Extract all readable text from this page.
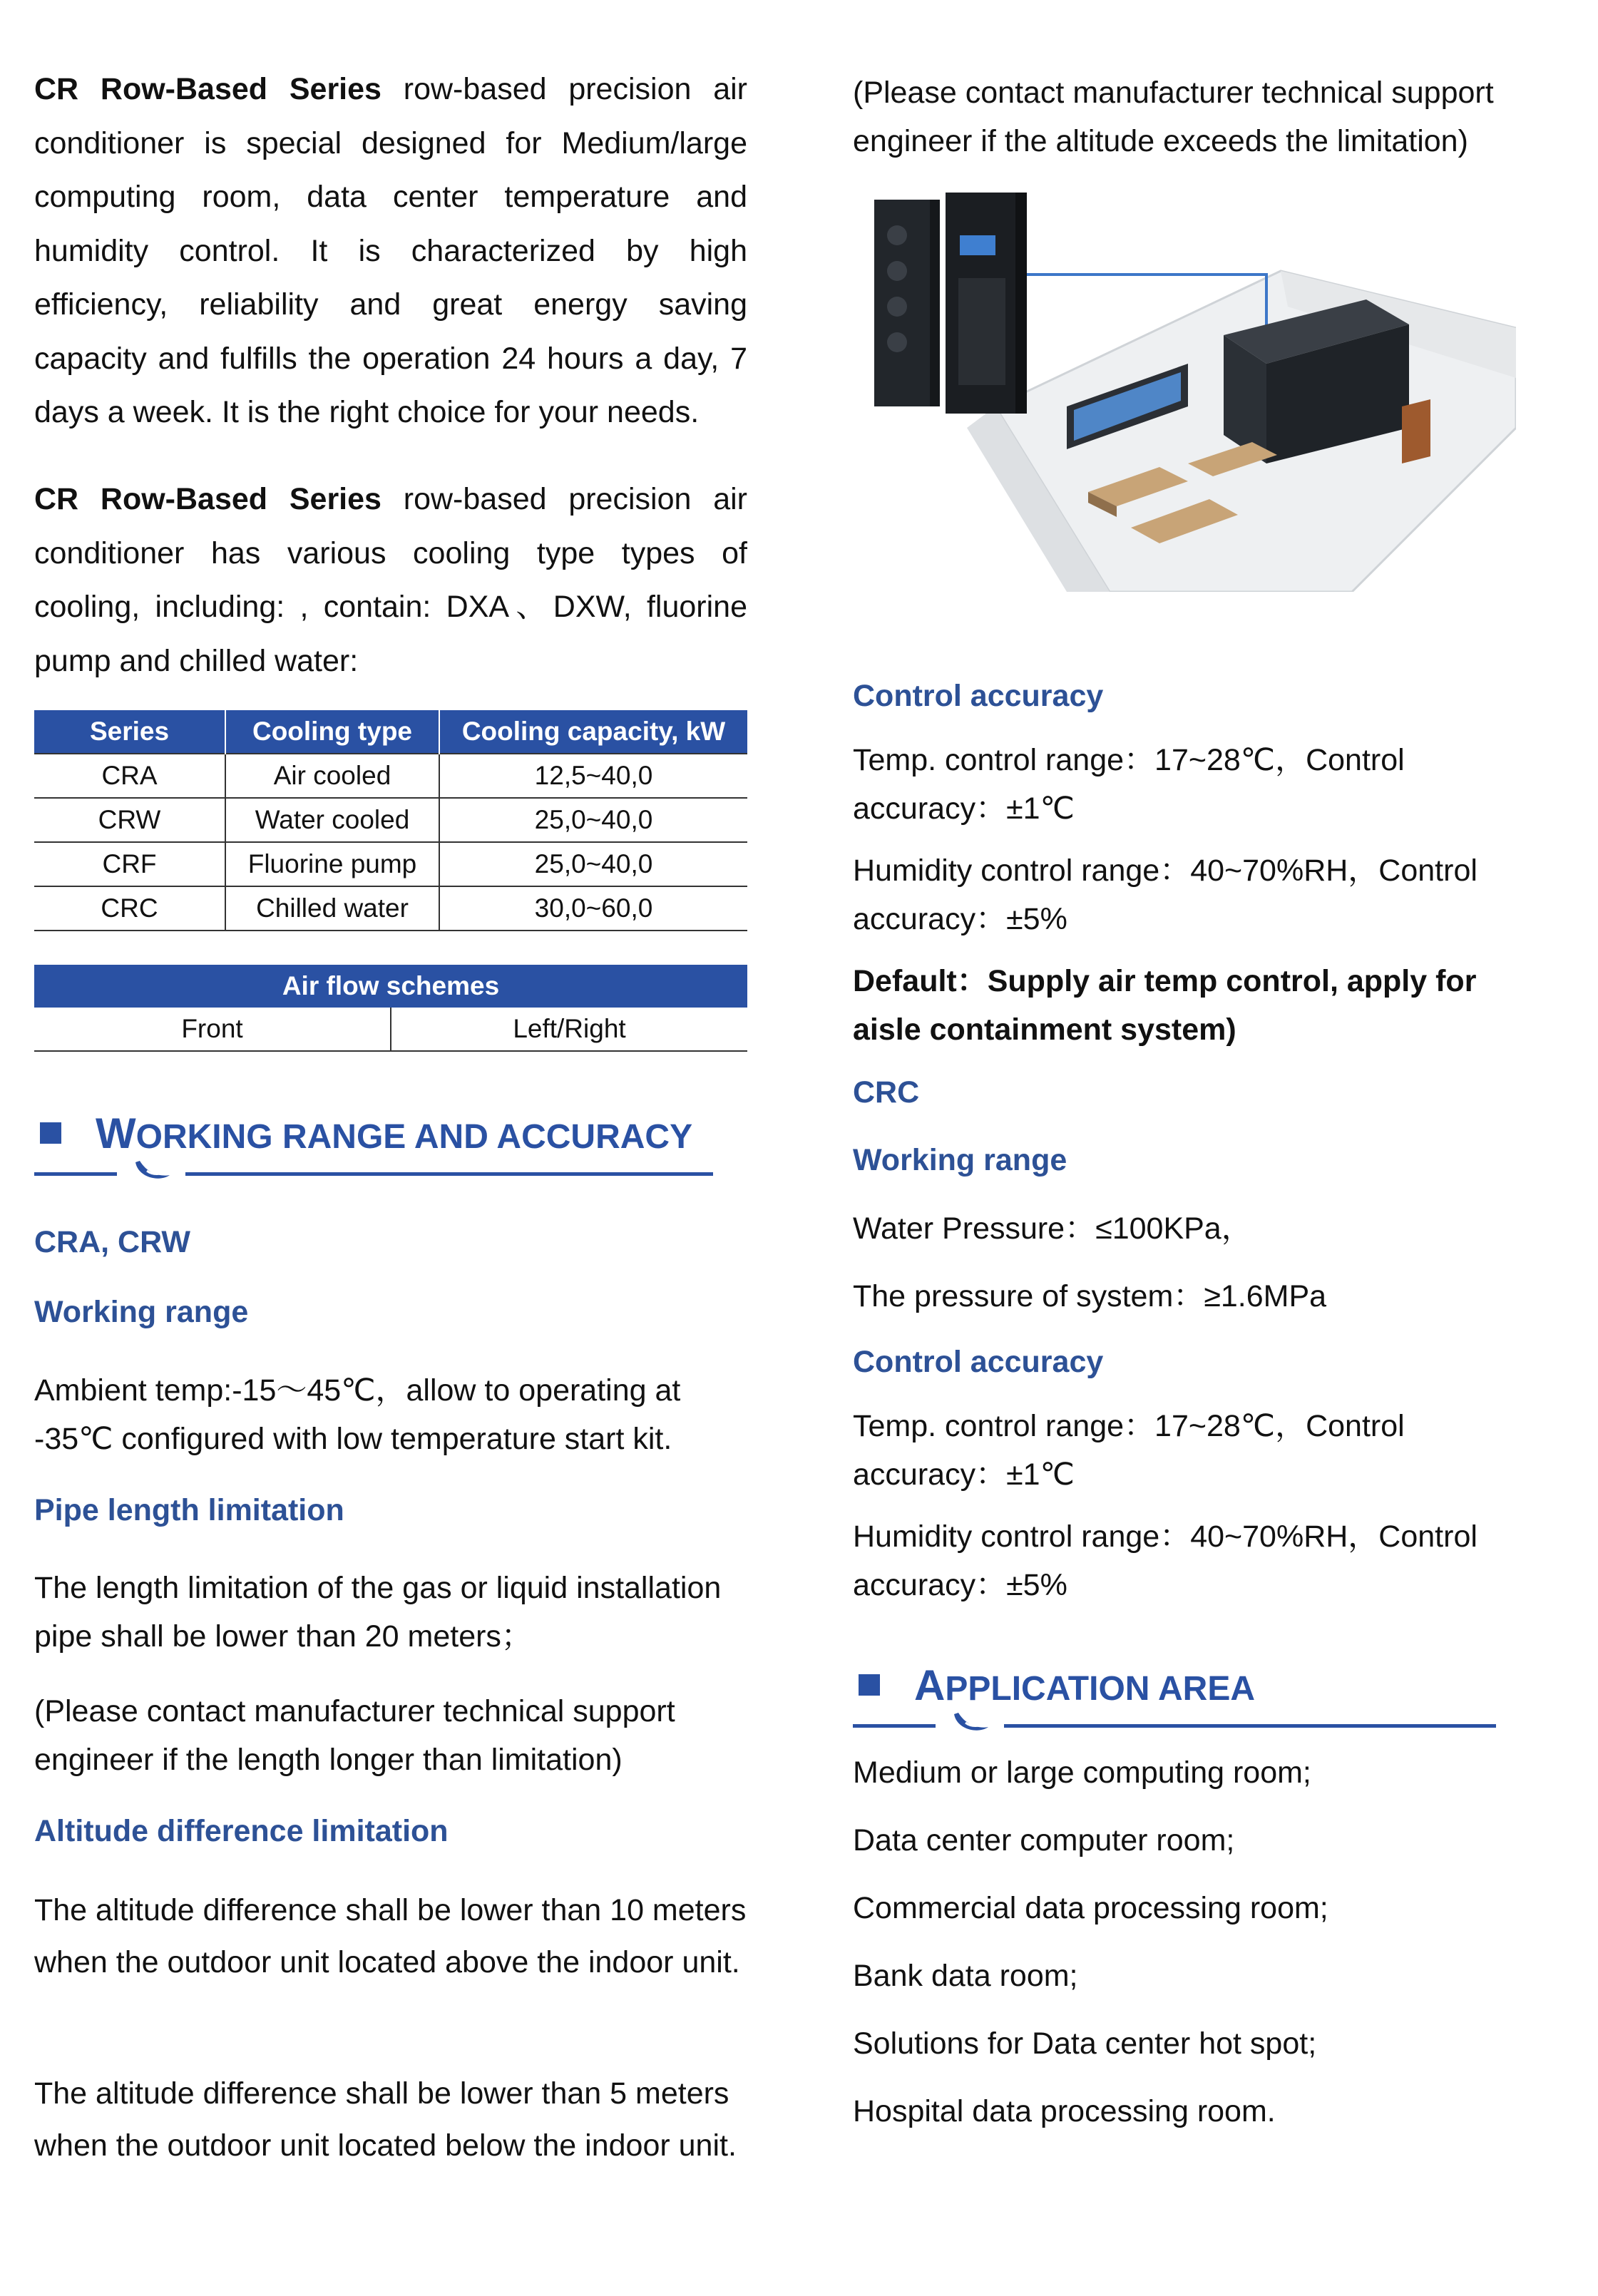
CR Row-Based Series row-based precision air conditioner is special designed for Medium/large computing room, data center temperature and humidity control. It is characterized by high efficiency, reliability and great energy saving capacity and fulfills the operation 24 hours a day, 7 days a week. It is the right choice for your needs.

CR Row-Based Series row-based precision air conditioner has various cooling type types of cooling, including: , contain: DXA、DXW, fluorine pump and chilled water:

Series	Cooling type	Cooling capacity, kW
CRA	Air cooled	12,5~40,0
CRW	Water cooled	25,0~40,0
CRF	Fluorine pump	25,0~40,0
CRC	Chilled water	30,0~60,0
Air flow schemes
Front	Left/Right
WORKING RANGE AND ACCURACY

CRA, CRW

Working range

Ambient temp:-15～45℃，allow to operating at -35℃ configured with low temperature start kit.

Pipe length limitation

The length limitation of the gas or liquid installation pipe shall be lower than 20 meters；

(Please contact manufacturer technical support engineer if the length longer than limitation)

Altitude difference limitation

The altitude difference shall be lower than 10 meters when the outdoor unit located above the indoor unit.

The altitude difference shall be lower than 5 meters when the outdoor unit located below the indoor unit.

(Please contact manufacturer technical support engineer if the altitude exceeds the limitation)

Control accuracy

Temp. control range：17~28℃，Control accuracy：±1℃

Humidity control range：40~70%RH，Control accuracy：±5%

Default：Supply air temp control, apply for aisle containment system)

CRC

Working range

Water Pressure：≤100KPa，

The pressure of system：≥1.6MPa

Control accuracy

Temp. control range：17~28℃，Control accuracy：±1℃

Humidity control range：40~70%RH，Control accuracy：±5%

APPLICATION AREA

Medium or large computing room;

Data center computer room;

Commercial data processing room;

Bank data room;

Solutions for Data center hot spot;

Hospital data processing room.
